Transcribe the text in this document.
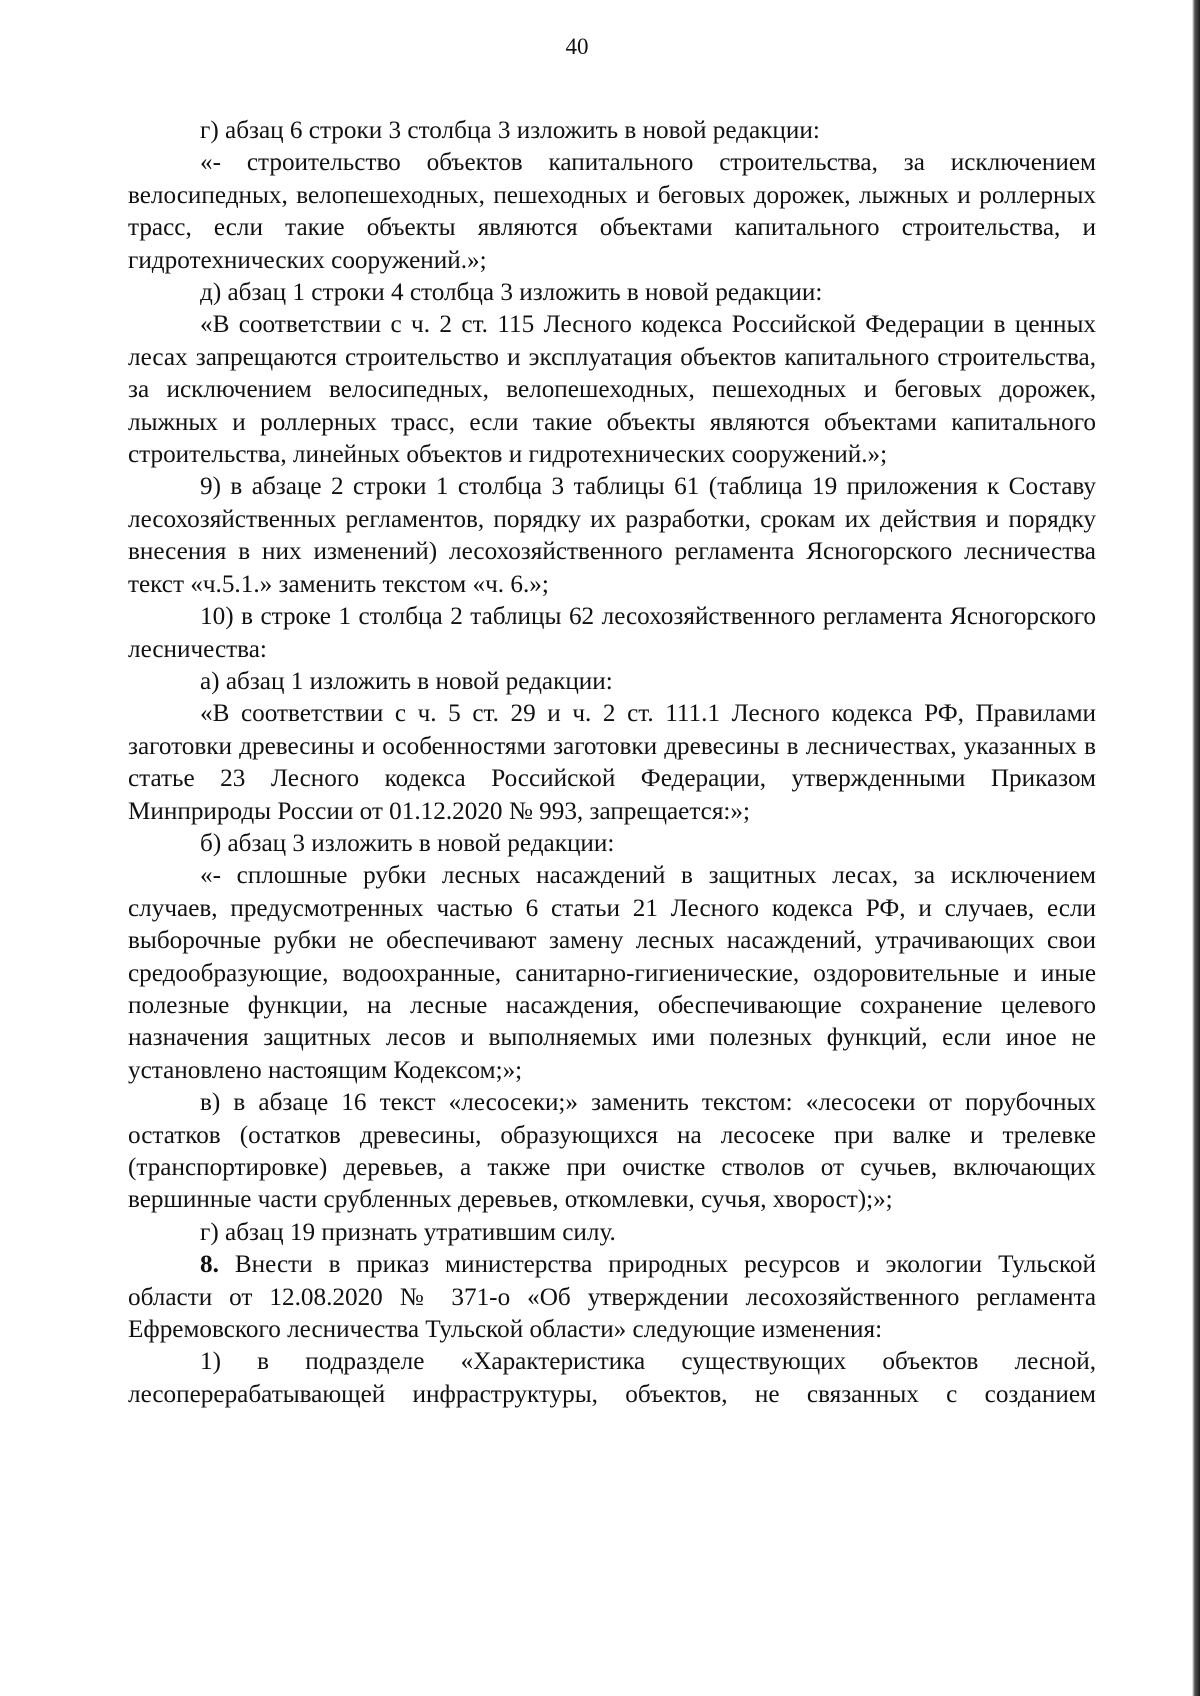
40

г) абзац 6 строки 3 столбца 3 изложить в новой редакции:

«- строительство объектов капитального строительства, за исключением велосипедных, велопешеходных, пешеходных и беговых дорожек, лыжных и роллерных трасс, если такие объекты являются объектами капитального строительства, и гидротехнических сооружений.»;

д) абзац 1 строки 4 столбца 3 изложить в новой редакции:

«В соответствии с ч. 2 ст. 115 Лесного кодекса Российской Федерации в ценных лесах запрещаются строительство и эксплуатация объектов капитального строительства, за исключением велосипедных, велопешеходных, пешеходных и беговых дорожек, лыжных и роллерных трасс, если такие объекты являются объектами капитального строительства, линейных объектов и гидротехнических сооружений.»;

9) в абзаце 2 строки 1 столбца 3 таблицы 61 (таблица 19 приложения к Составу лесохозяйственных регламентов, порядку их разработки, срокам их действия и порядку внесения в них изменений) лесохозяйственного регламента Ясногорского лесничества текст «ч.5.1.» заменить текстом «ч. 6.»;

10) в строке 1 столбца 2 таблицы 62 лесохозяйственного регламента Ясногорского лесничества:

а) абзац 1 изложить в новой редакции:

«В соответствии с ч. 5 ст. 29 и ч. 2 ст. 111.1 Лесного кодекса РФ, Правилами заготовки древесины и особенностями заготовки древесины в лесничествах, указанных в статье 23 Лесного кодекса Российской Федерации, утвержденными Приказом Минприроды России от 01.12.2020 № 993, запрещается:»;

б) абзац 3 изложить в новой редакции:

«- сплошные рубки лесных насаждений в защитных лесах, за исключением случаев, предусмотренных частью 6 статьи 21 Лесного кодекса РФ, и случаев, если выборочные рубки не обеспечивают замену лесных насаждений, утрачивающих свои средообразующие, водоохранные, санитарно-гигиенические, оздоровительные и иные полезные функции, на лесные насаждения, обеспечивающие сохранение целевого назначения защитных лесов и выполняемых ими полезных функций, если иное не установлено настоящим Кодексом;»;

в) в абзаце 16 текст «лесосеки;» заменить текстом: «лесосеки от порубочных остатков (остатков древесины, образующихся на лесосеке при валке и трелевке (транспортировке) деревьев, а также при очистке стволов от сучьев, включающих вершинные части срубленных деревьев, откомлевки, сучья, хворост);»;

г) абзац 19 признать утратившим силу.

8. Внести в приказ министерства природных ресурсов и экологии Тульской области от 12.08.2020 № 371-о «Об утверждении лесохозяйственного регламента Ефремовского лесничества Тульской области» следующие изменения:

1) в подразделе «Характеристика существующих объектов лесной, лесоперерабатывающей инфраструктуры, объектов, не связанных с созданием
